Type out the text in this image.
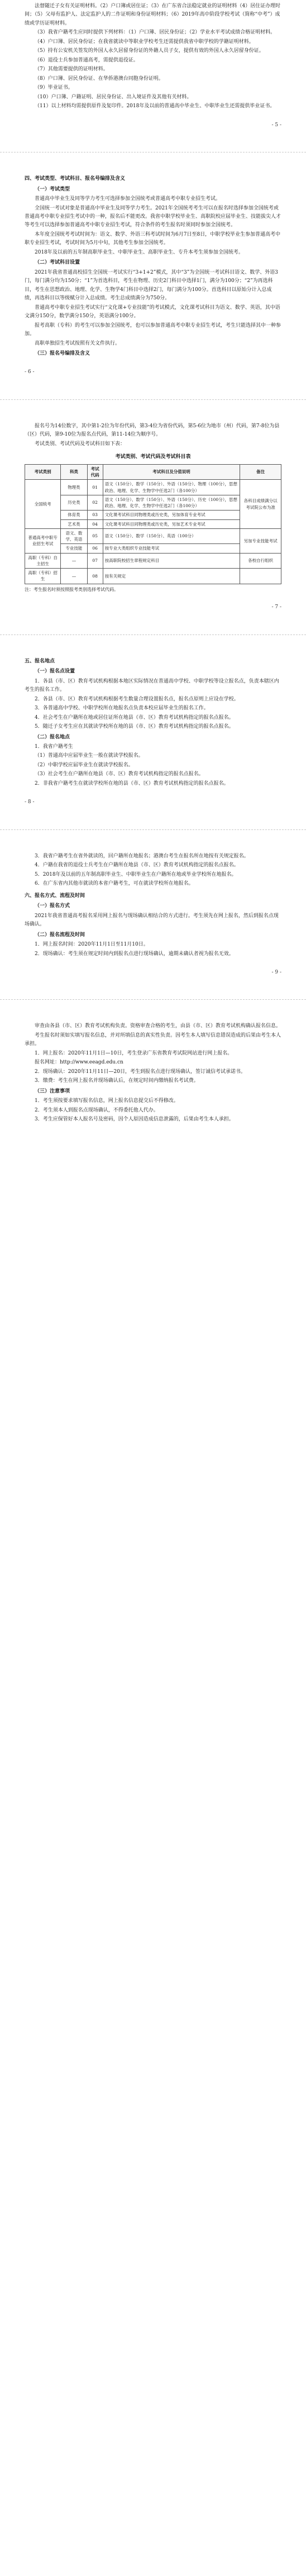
法督随迁子女有关证明材料。（2）户口簿或居住证；（3）在广东省合法稳定就业的证明材料（4）居住证办理时间；（5）父母有监护人、法定监护人的二作证明和身份证明材料；（6）2019年高中阶段学校考试（简称“中考”）成绩或学历证明材料。

（3）我省户籍考生应同时提供下列材料：（1）户口簿、居民身份证；（2）学业水平考试成绩合格证明材料。

（4）户口簿、居民身份证；在我省就读中等职业学校考生还需提供我省中职学校的学籍证明材料。

（5）持有公安机关签发的外国人永久居留身份证的外籍人员子女，提供有效的外国人永久居留身份证。

（6）退役士兵参加普通高考，需提供退役证。

（7）其他需要提供的证明材料。

（8）户口簿、居民身份证、在华侨港澳台同胞身份证明。

（9）毕业证书。

（10）户口簿、户籍证明、居民身份证、出入境证件及其他有关材料。

（11）以上材料均需提供原件及复印件。2018年及以前的普通高中毕业生、中职毕业生还需提供毕业证书。

- 5 -
四、考试类型、考试科目、报名号编排及含义
（一）考试类型

普通高中毕业生及同等学力考生可选择参加全国统考或普通高考中职专业招生考试。

全国统一考试对象是普通高中毕业生及同等学力考生。2021年全国统考考生可以在报名时选择参加全国统考或普通高考中职专业招生考试中的一种，报名后不能更改。我省中职学校毕业生、高职院校应届毕业生、技能拔尖人才等考生可以选择参加普通高考中职专业招生考试，符合条件的考生报名时须同时参加全国统考。

本年度全国统考考试时间为：语文、数学、外语三科考试时间为6月7日至8日，中职学校毕业生参加普通高考中职专业招生考试，考试时间为5月中旬，其他考生参加全国统考。

2018年及以前的五年制高职毕业生、中职毕业生、高职毕业生、专升本考生须参加全国统考。

（二）考试科目设置

2021年我省普通高校招生全国统一考试实行“3+1+2”模式，其中“3”为全国统一考试科目语文、数学、外语3门，每门满分均为150分；“1”为首选科目，考生在物理、历史2门科目中选择1门，满分为100分；“2”为再选科目，考生在思想政治、地理、化学、生物学4门科目中选择2门，每门满分为100分。首选科目以原始分计入总成绩，再选科目以等级赋分计入总成绩。考生总成绩满分为750分。

普通高考中职专业招生考试实行“文化课+专业技能”的考试模式，文化课考试科目为语文、数学、英语，其中语文满分150分，数学满分150分，英语满分100分。

报考高职（专科）的考生可以参加全国统考，也可以参加普通高考中职专业招生考试，考生只能选择其中一种参加。

高职单独招生考试按照有关文件执行。

（三）报名号编排及含义
- 6 -

报名号为14位数字，其中第1-2位为年份代码，第3-4位为省份代码，第5-6位为地市（州）代码，第7-8位为县（区）代码，第9-10位为报名点代码，第11-14位为顺序号。

考试类别、考试代码及考试科目如下表：

考试类别、考试代码及考试科目表
考试类别	科类	考试代码	考试科目及分值说明	备注
全国统考	物理类	01	语文（150分）、数学（150分）、外语（150分）、物理（100分），思想政治、地理、化学、生物学中任选2门（各100分）	各科目成绩满分以考试院公布为准
	历史类	02	语文（150分）、数学（150分）、外语（150分）、历史（100分），思想政治、地理、化学、生物学中任选2门（各100分）	
	体育类	03	文化课考试科目同物理类或历史类，另加体育专业考试	
	艺术类	04	文化课考试科目同物理类或历史类，另加艺术专业考试	
普通高考中职专业招生考试	语文、数学、英语	05	语文（150分）、数学（150分）、英语（100分）	另加专业技能考试
	专业技能	06	按专业大类组织专业技能考试	
高职（专科）自主招生	—	07	按高职院校招生章程规定科目	各校自行组织
高职（专科）招生	—	08	按有关规定	
注：考生报名时须按照报考类别选择考试代码。
- 7 -
五、报名地点
（一）报名点设置

1．各县（市、区）教育考试机构根据本地区实际情况在普通高中学校、中职学校等设立报名点，负责本辖区内考生的报名工作。

2．各县（市、区）教育考试机构根据考生数量合理设置报名点，报名点原则上应设在学校。

3．各普通高中学校、中职学校所在地报名点负责本校应届毕业生的报名工作。

4．社会考生在户籍所在地或居住证所在地县（市、区）教育考试机构指定的报名点报名。

5．随迁子女考生应在其就读学校所在地的县（市、区）教育考试机构指定的报名点报名。

（二）报名地点

1．我省户籍考生

（1）普通高中应届毕业生一般在就读学校报名。

（2）中职学校应届毕业生在就读学校报名。

（3）社会考生在户籍所在地县（市、区）教育考试机构指定的报名点报名。

2．非我省户籍考生在就读学校所在地的县（市、区）教育考试机构指定的报名点报名。

- 8 -

3．我省户籍考生在省外就读的，回户籍所在地报名；港澳台考生在报名所在地按有关规定报名。

4．户籍在我省的退役士兵考生在户籍所在地县（市、区）教育考试机构指定的报名点报名。

5．2018年及以前的五年制高职毕业生、中职毕业生在户籍所在地或毕业学校所在地报名。

6．在广东省内其他市就读的本省户籍考生，可在就读学校所在地报名。

六、报名方式、流程及时间
（一）报名方式

2021年我省普通高考报名采用网上报名与现场确认相结合的方式进行。考生须先在网上报名，然后到报名点现场确认。

（二）报名流程及时间

1．网上报名时间：2020年11月1日至11月10日。

2．现场确认：考生须在规定时间内到报名点进行现场确认，逾期未确认者视为报名无效。

- 9 -

审查由各县（市、区）教育考试机构负责。资格审查合格的考生，由县（市、区）教育考试机构确认报名信息。

考生报名时须如实填写报名信息，并对所填信息的真实性负责。因考生本人填写信息错误造成的后果由考生本人承担。

1．网上报名：2020年11月1日—10日，考生登录广东省教育考试院网站进行网上报名。

报名网址：http://www.eeagd.edu.cn

2．现场确认：2020年11月11日—20日，考生到报名点进行现场确认，签订诚信考试承诺书。

3．缴费：考生在网上报名并现场确认后，在规定时间内缴纳报名考试费。

（三）注意事项

1．考生须按要求填写报名信息，网上报名信息提交后不得修改。

2．考生须本人到报名点现场确认，不得委托他人代办。

3．考生应保管好本人报名号及密码，因个人原因造成信息泄露的，后果由考生本人承担。
